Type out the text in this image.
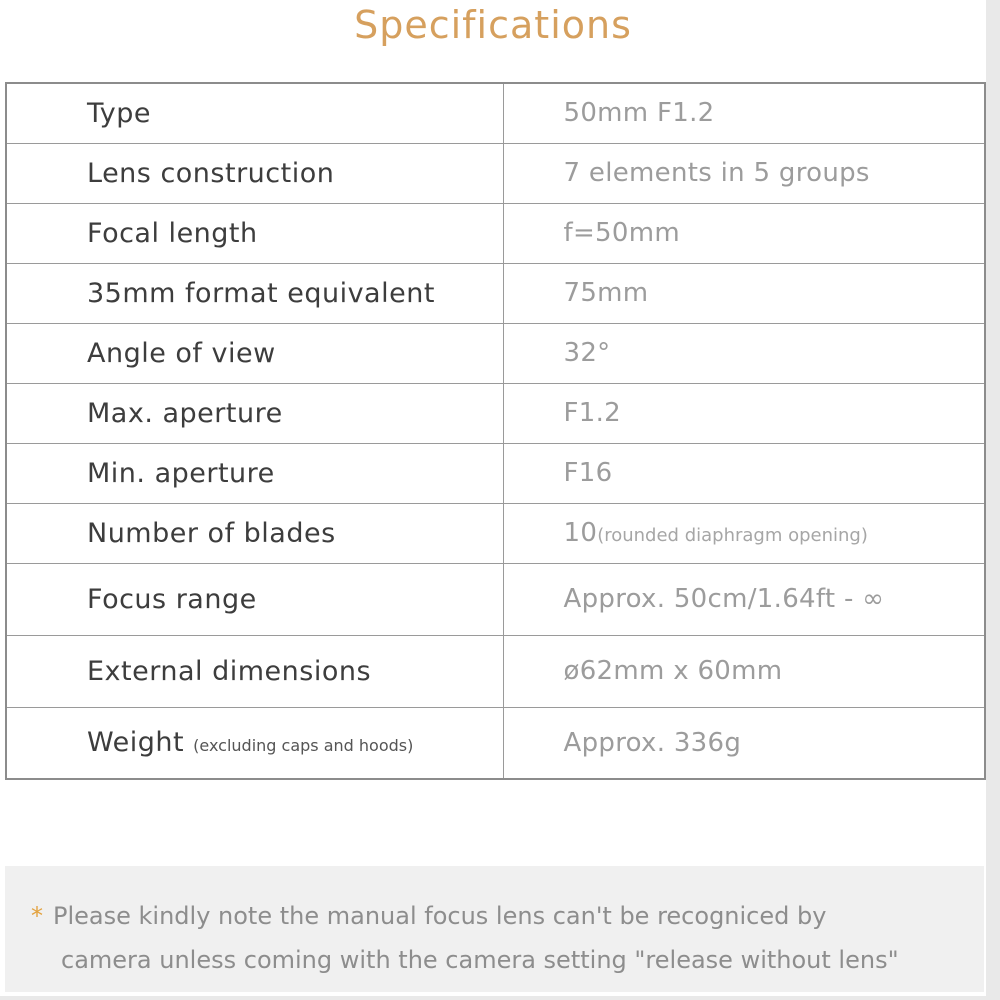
Specifications
Type	50mm F1.2
Lens construction	7 elements in 5 groups
Focal length	f=50mm
35mm format equivalent	75mm
Angle of view	32°
Max. aperture	F1.2
Min. aperture	F16
Number of blades	10(rounded diaphragm opening)
Focus range	Approx. 50cm/1.64ft - ∞
External dimensions	ø62mm x 60mm
Weight (excluding caps and hoods)	Approx. 336g
* Please kindly note the manual focus lens can't be recogniced by
camera unless coming with the camera setting "release without lens"
